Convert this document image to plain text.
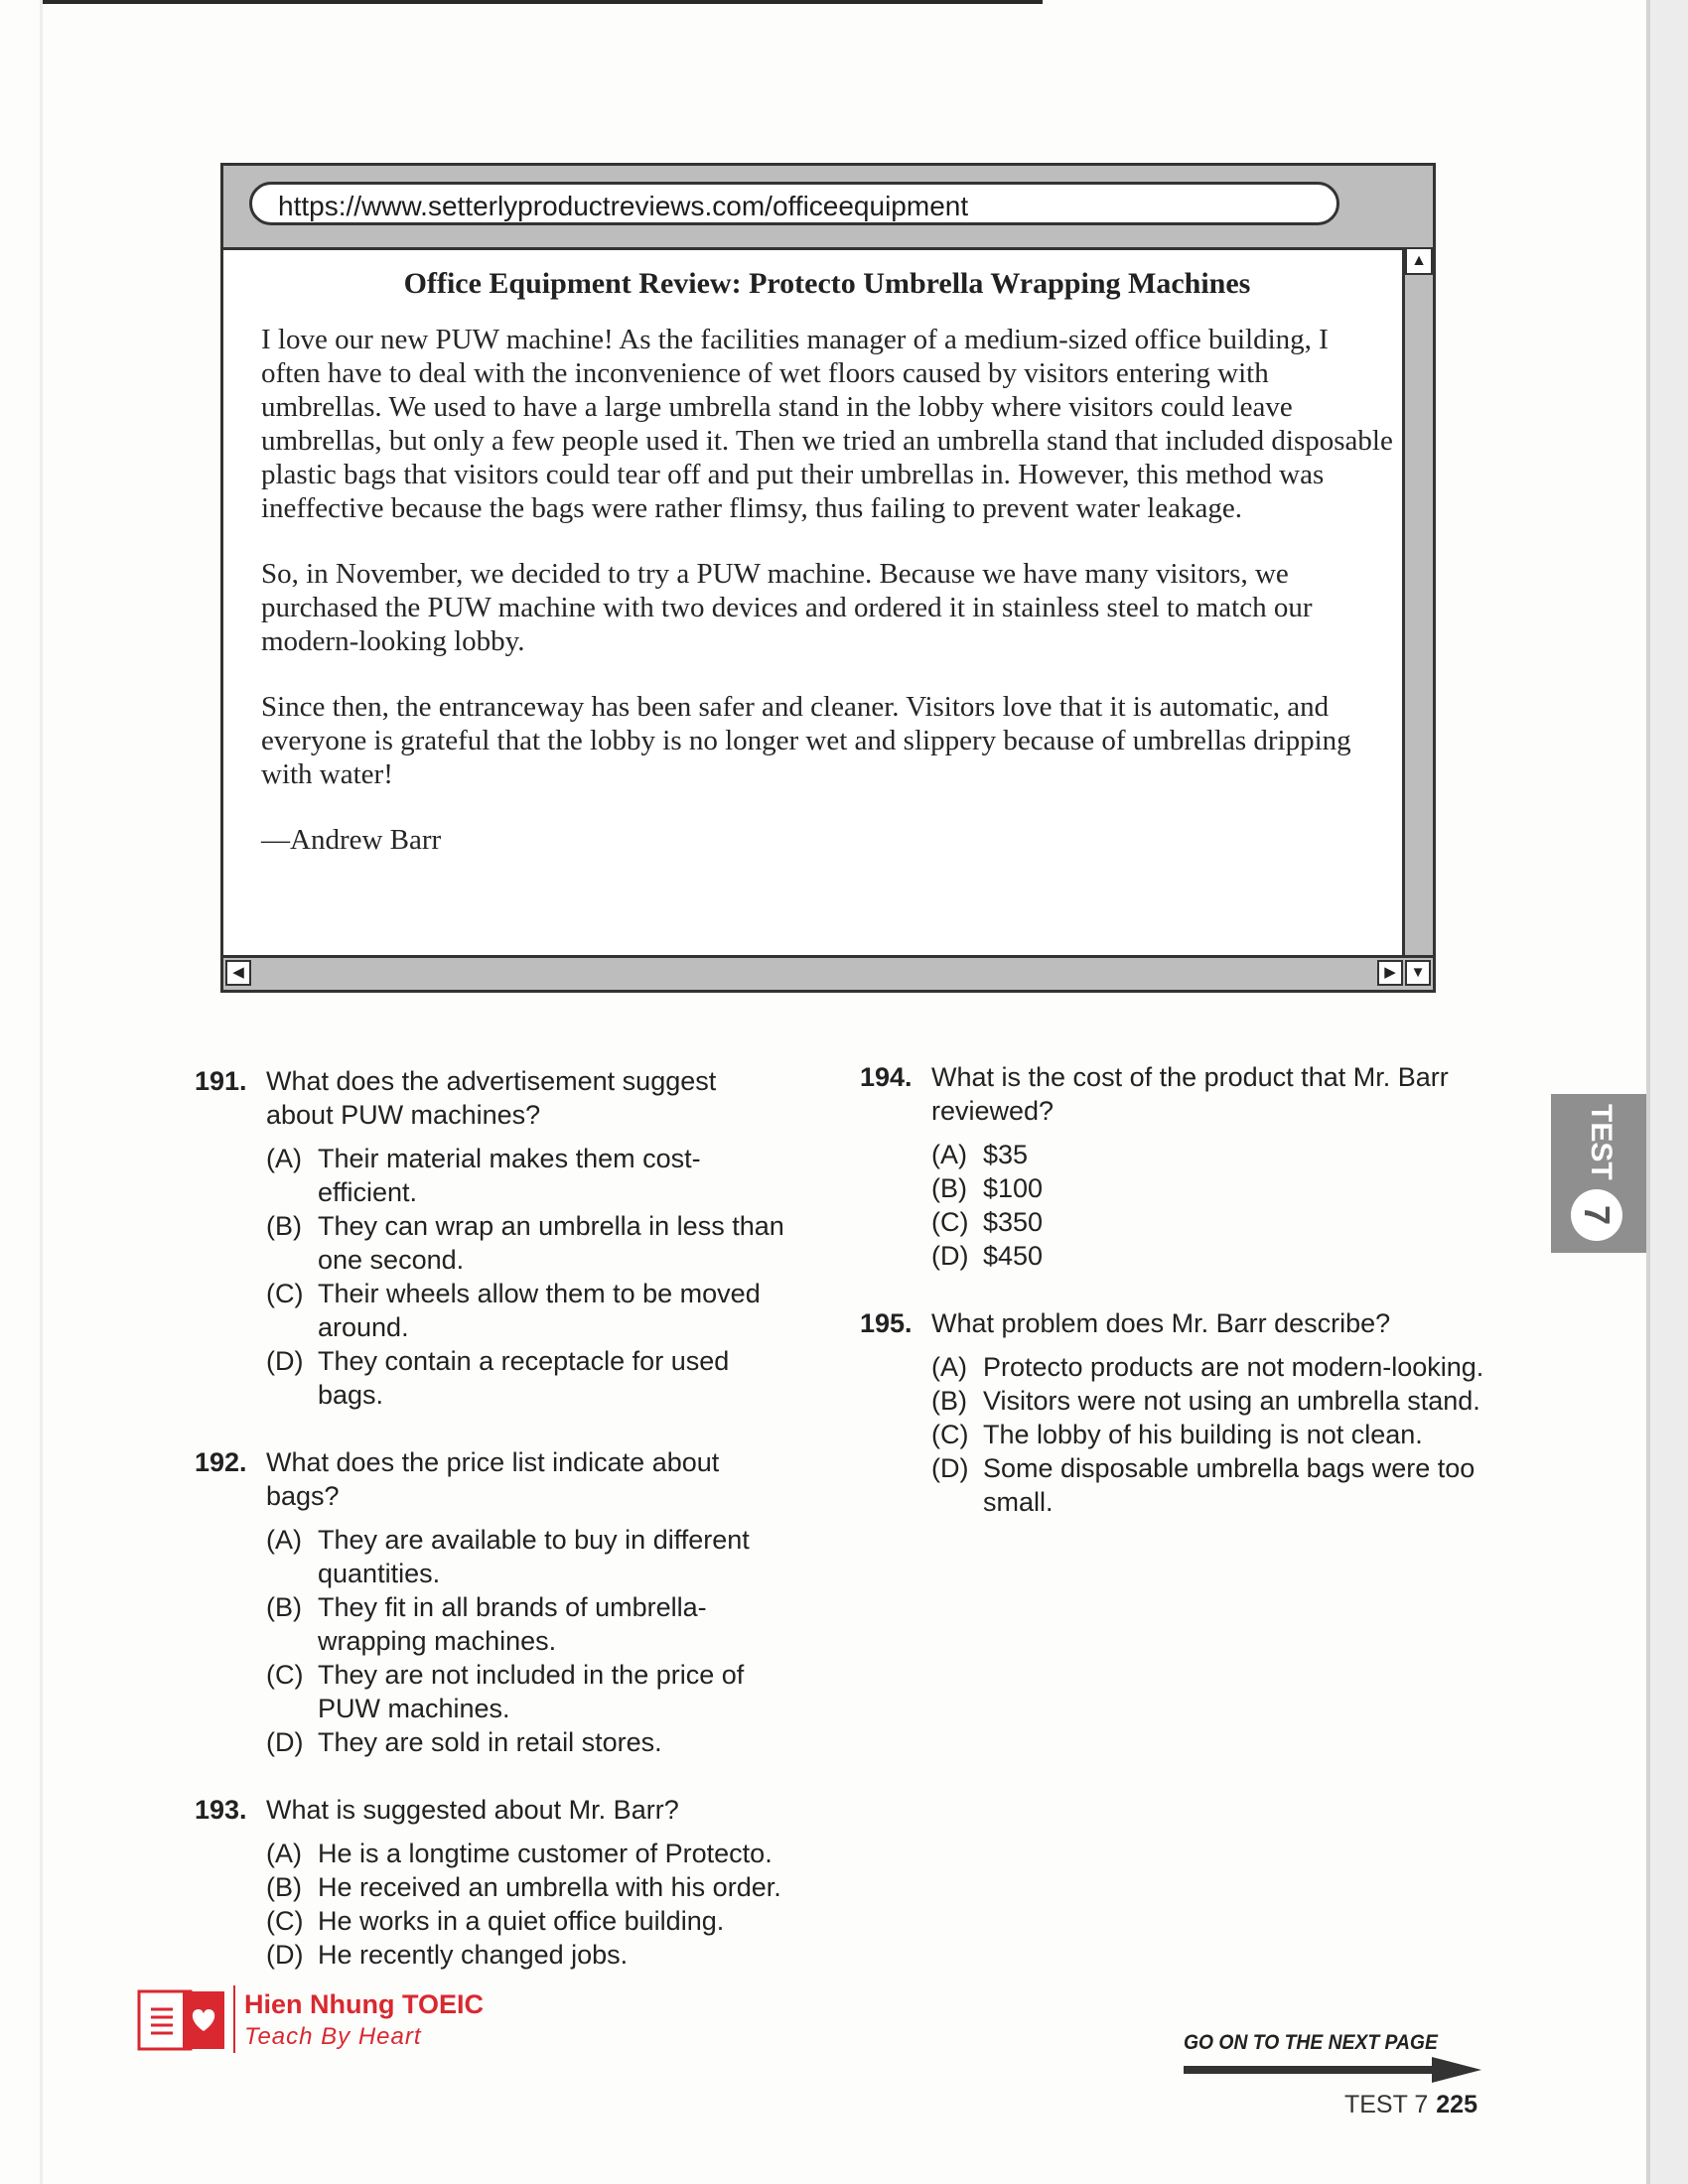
https://www.setterlyproductreviews.com/officeequipment
Office Equipment Review: Protecto Umbrella Wrapping Machines

I love our new PUW machine! As the facilities manager of a medium-sized office building, I often have to deal with the inconvenience of wet floors caused by visitors entering with umbrellas. We used to have a large umbrella stand in the lobby where visitors could leave umbrellas, but only a few people used it. Then we tried an umbrella stand that included disposable plastic bags that visitors could tear off and put their umbrellas in. However, this method was ineffective because the bags were rather flimsy, thus failing to prevent water leakage.

So, in November, we decided to try a PUW machine. Because we have many visitors, we purchased the PUW machine with two devices and ordered it in stainless steel to match our modern-looking lobby.

Since then, the entranceway has been safer and cleaner. Visitors love that it is automatic, and everyone is grateful that the lobby is no longer wet and slippery because of umbrellas dripping with water!

—Andrew Barr

▲
◀	▶ ▼
191. What does the advertisement suggest about PUW machines?
(A) Their material makes them cost-efficient.
(B) They can wrap an umbrella in less than one second.
(C) Their wheels allow them to be moved around.
(D) They contain a receptacle for used bags.
192. What does the price list indicate about bags?
(A) They are available to buy in different quantities.
(B) They fit in all brands of umbrella-wrapping machines.
(C) They are not included in the price of PUW machines.
(D) They are sold in retail stores.
193. What is suggested about Mr. Barr?
(A) He is a longtime customer of Protecto.
(B) He received an umbrella with his order.
(C) He works in a quiet office building.
(D) He recently changed jobs.
194. What is the cost of the product that Mr. Barr reviewed?
(A) $35
(B) $100
(C) $350
(D) $450
195. What problem does Mr. Barr describe?
(A) Protecto products are not modern-looking.
(B) Visitors were not using an umbrella stand.
(C) The lobby of his building is not clean.
(D) Some disposable umbrella bags were too small.
TEST
7
Hien Nhung TOEIC
Teach By Heart	GO ON TO THE NEXT PAGE
TEST 7 225
